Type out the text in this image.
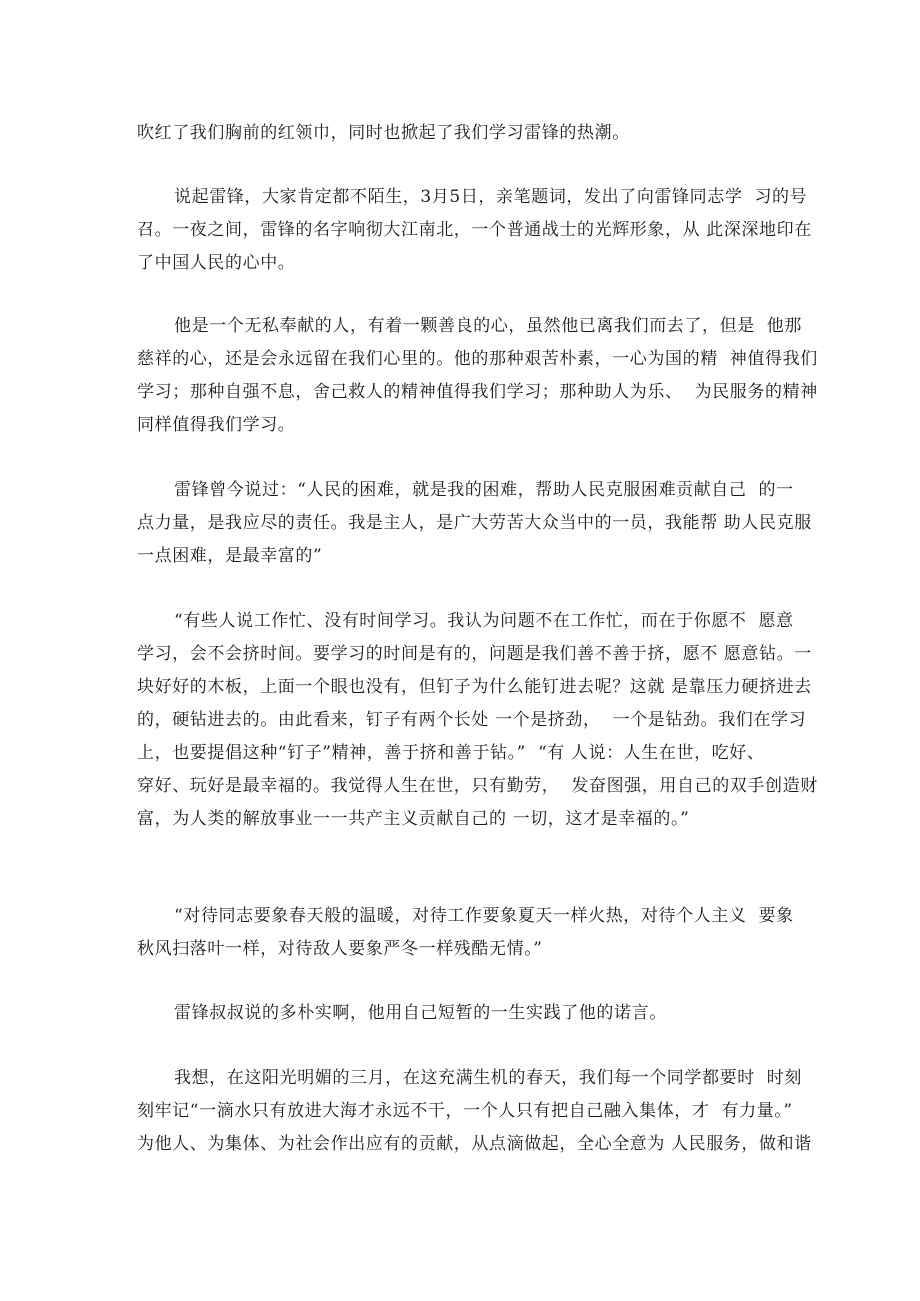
吹红了我们胸前的红领巾，同时也掀起了我们学习雷锋的热潮。
说起雷锋，大家肯定都不陌生，3月5日，亲笔题词，发出了向雷锋同志学  习的号
召。一夜之间，雷锋的名字响彻大江南北，一个普通战士的光辉形象，从 此深深地印在
了中国人民的心中。
他是一个无私奉献的人，有着一颗善良的心，虽然他已离我们而去了，但是  他那
慈祥的心，还是会永远留在我们心里的。他的那种艰苦朴素，一心为国的精  神值得我们
学习；那种自强不息，舍己救人的精神值得我们学习；那种助人为乐、  为民服务的精神
同样值得我们学习。
雷锋曾今说过：“人民的困难，就是我的困难，帮助人民克服困难贡献自己  的一
点力量，是我应尽的责任。我是主人，是广大劳苦大众当中的一员，我能帮 助人民克服
一点困难，是最幸富的”
“有些人说工作忙、没有时间学习。我认为问题不在工作忙，而在于你愿不  愿意
学习，会不会挤时间。要学习的时间是有的，问题是我们善不善于挤，愿不 愿意钻。一
块好好的木板，上面一个眼也没有，但钉子为什么能钉进去呢？这就 是靠压力硬挤进去
的，硬钻进去的。由此看来，钉子有两个长处 一个是挤劲，  一个是钻劲。我们在学习
上，也要提倡这种“钉子”精神，善于挤和善于钻。”  “有 人说：人生在世，吃好、
穿好、玩好是最幸福的。我觉得人生在世，只有勤劳，  发奋图强，用自己的双手创造财
富，为人类的解放事业一一共产主义贡献自己的 一切，这才是幸福的。”
“对待同志要象春天般的温暖，对待工作要象夏天一样火热，对待个人主义  要象
秋风扫落叶一样，对待敌人要象严冬一样残酷无情。”
雷锋叔叔说的多朴实啊，他用自己短暂的一生实践了他的诺言。
我想，在这阳光明媚的三月，在这充满生机的春天，我们每一个同学都要时  时刻
刻牢记“一滴水只有放进大海才永远不干，一个人只有把自己融入集体，才  有力量。”
为他人、为集体、为社会作出应有的贡献，从点滴做起，全心全意为 人民服务，做和谐
